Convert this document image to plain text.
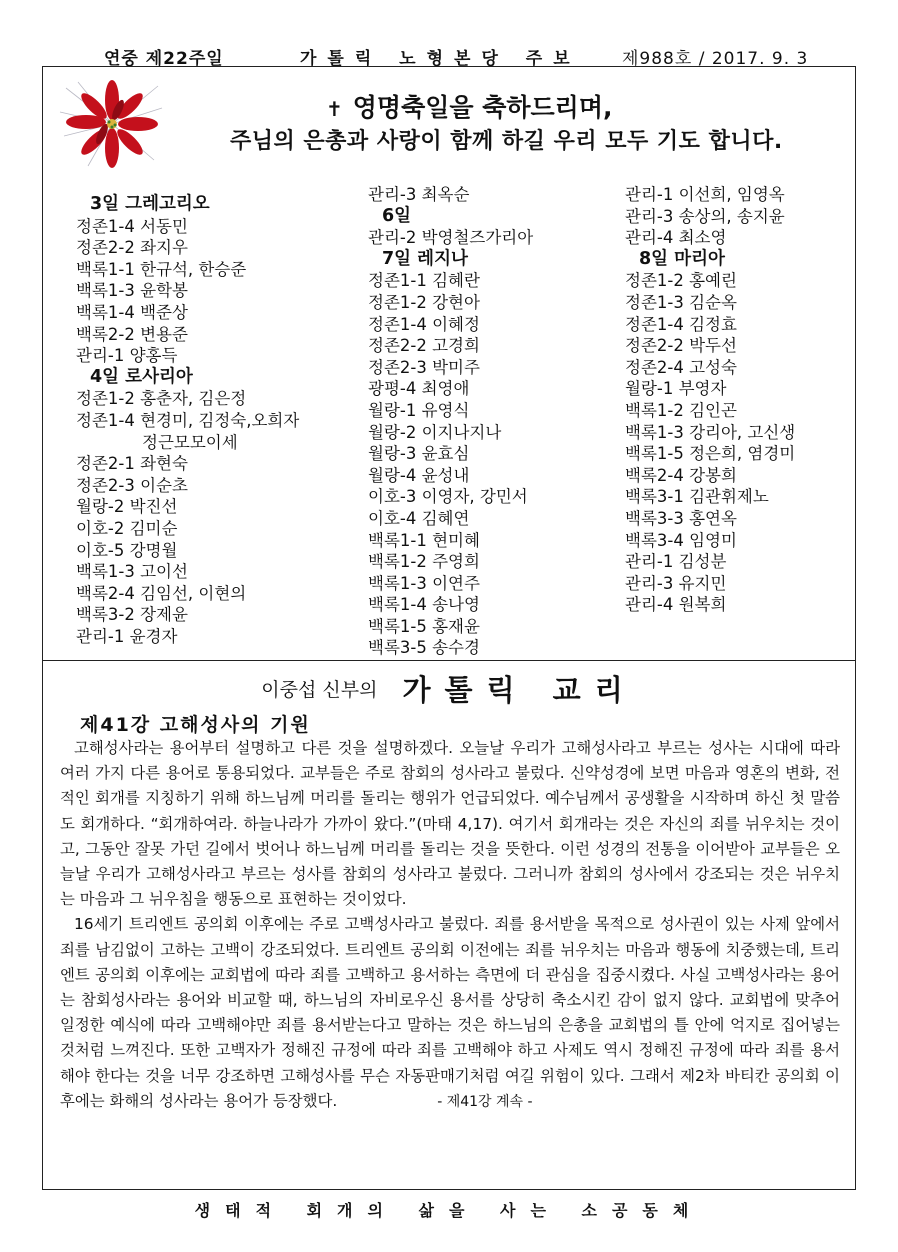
연중 제22주일	가톨릭 노형본당 주보 제988호 / 2017. 9. 3
✝ 영명축일을 축하드리며,
주님의 은총과 사랑이 함께 하길 우리 모두 기도 합니다.
3일 그레고리오
정존1-4 서동민
정존2-2 좌지우
백록1-1 한규석, 한승준
백록1-3 윤학봉
백록1-4 백준상
백록2-2 변용준
관리-1 양홍득
4일 로사리아
정존1-2 홍춘자, 김은정
정존1-4 현경미, 김정숙,오희자
정근모모이세
정존2-1 좌현숙
정존2-3 이순초
월랑-2 박진선
이호-2 김미순
이호-5 강명월
백록1-3 고이선
백록2-4 김임선, 이현의
백록3-2 장제윤
관리-1 윤경자
관리-3 최옥순
6일
관리-2 박영철즈가리아
7일 레지나
정존1-1 김혜란
정존1-2 강현아
정존1-4 이혜정
정존2-2 고경희
정존2-3 박미주
광평-4 최영애
월랑-1 유영식
월랑-2 이지나지나
월랑-3 윤효심
월랑-4 윤성내
이호-3 이영자, 강민서
이호-4 김혜연
백록1-1 현미혜
백록1-2 주영희
백록1-3 이연주
백록1-4 송나영
백록1-5 홍재윤
백록3-5 송수경
관리-1 이선희, 임영옥
관리-3 송상의, 송지윤
관리-4 최소영
8일 마리아
정존1-2 홍예린
정존1-3 김순옥
정존1-4 김정효
정존2-2 박두선
정존2-4 고성숙
월랑-1 부영자
백록1-2 김인곤
백록1-3 강리아, 고신생
백록1-5 정은희, 염경미
백록2-4 강봉희
백록3-1 김관휘제노
백록3-3 홍연옥
백록3-4 임영미
관리-1 김성분
관리-3 유지민
관리-4 원복희
이중섭 신부의 가톨릭 교리
제41강 고해성사의 기원

고해성사라는 용어부터 설명하고 다른 것을 설명하겠다. 오늘날 우리가 고해성사라고 부르는 성사는 시대에 따라 여러 가지 다른 용어로 통용되었다. 교부들은 주로 참회의 성사라고 불렀다. 신약성경에 보면 마음과 영혼의 변화, 전적인 회개를 지칭하기 위해 하느님께 머리를 돌리는 행위가 언급되었다. 예수님께서 공생활을 시작하며 하신 첫 말씀도 회개하다. “회개하여라. 하늘나라가 가까이 왔다.”(마태 4,17). 여기서 회개라는 것은 자신의 죄를 뉘우치는 것이고, 그동안 잘못 가던 길에서 벗어나 하느님께 머리를 돌리는 것을 뜻한다. 이런 성경의 전통을 이어받아 교부들은 오늘날 우리가 고해성사라고 부르는 성사를 참회의 성사라고 불렀다. 그러니까 참회의 성사에서 강조되는 것은 뉘우치는 마음과 그 뉘우침을 행동으로 표현하는 것이었다.

16세기 트리엔트 공의회 이후에는 주로 고백성사라고 불렀다. 죄를 용서받을 목적으로 성사권이 있는 사제 앞에서 죄를 남김없이 고하는 고백이 강조되었다. 트리엔트 공의회 이전에는 죄를 뉘우치는 마음과 행동에 치중했는데, 트리엔트 공의회 이후에는 교회법에 따라 죄를 고백하고 용서하는 측면에 더 관심을 집중시켰다. 사실 고백성사라는 용어는 참회성사라는 용어와 비교할 때, 하느님의 자비로우신 용서를 상당히 축소시킨 감이 없지 않다. 교회법에 맞추어 일정한 예식에 따라 고백해야만 죄를 용서받는다고 말하는 것은 하느님의 은총을 교회법의 틀 안에 억지로 집어넣는 것처럼 느껴진다. 또한 고백자가 정해진 규정에 따라 죄를 고백해야 하고 사제도 역시 정해진 규정에 따라 죄를 용서해야 한다는 것을 너무 강조하면 고해성사를 무슨 자동판매기처럼 여길 위험이 있다. 그래서 제2차 바티칸 공의회 이후에는 화해의 성사라는 용어가 등장했다.	- 제41강 계속 -

생태적 회개의 삶을 사는 소공동체
